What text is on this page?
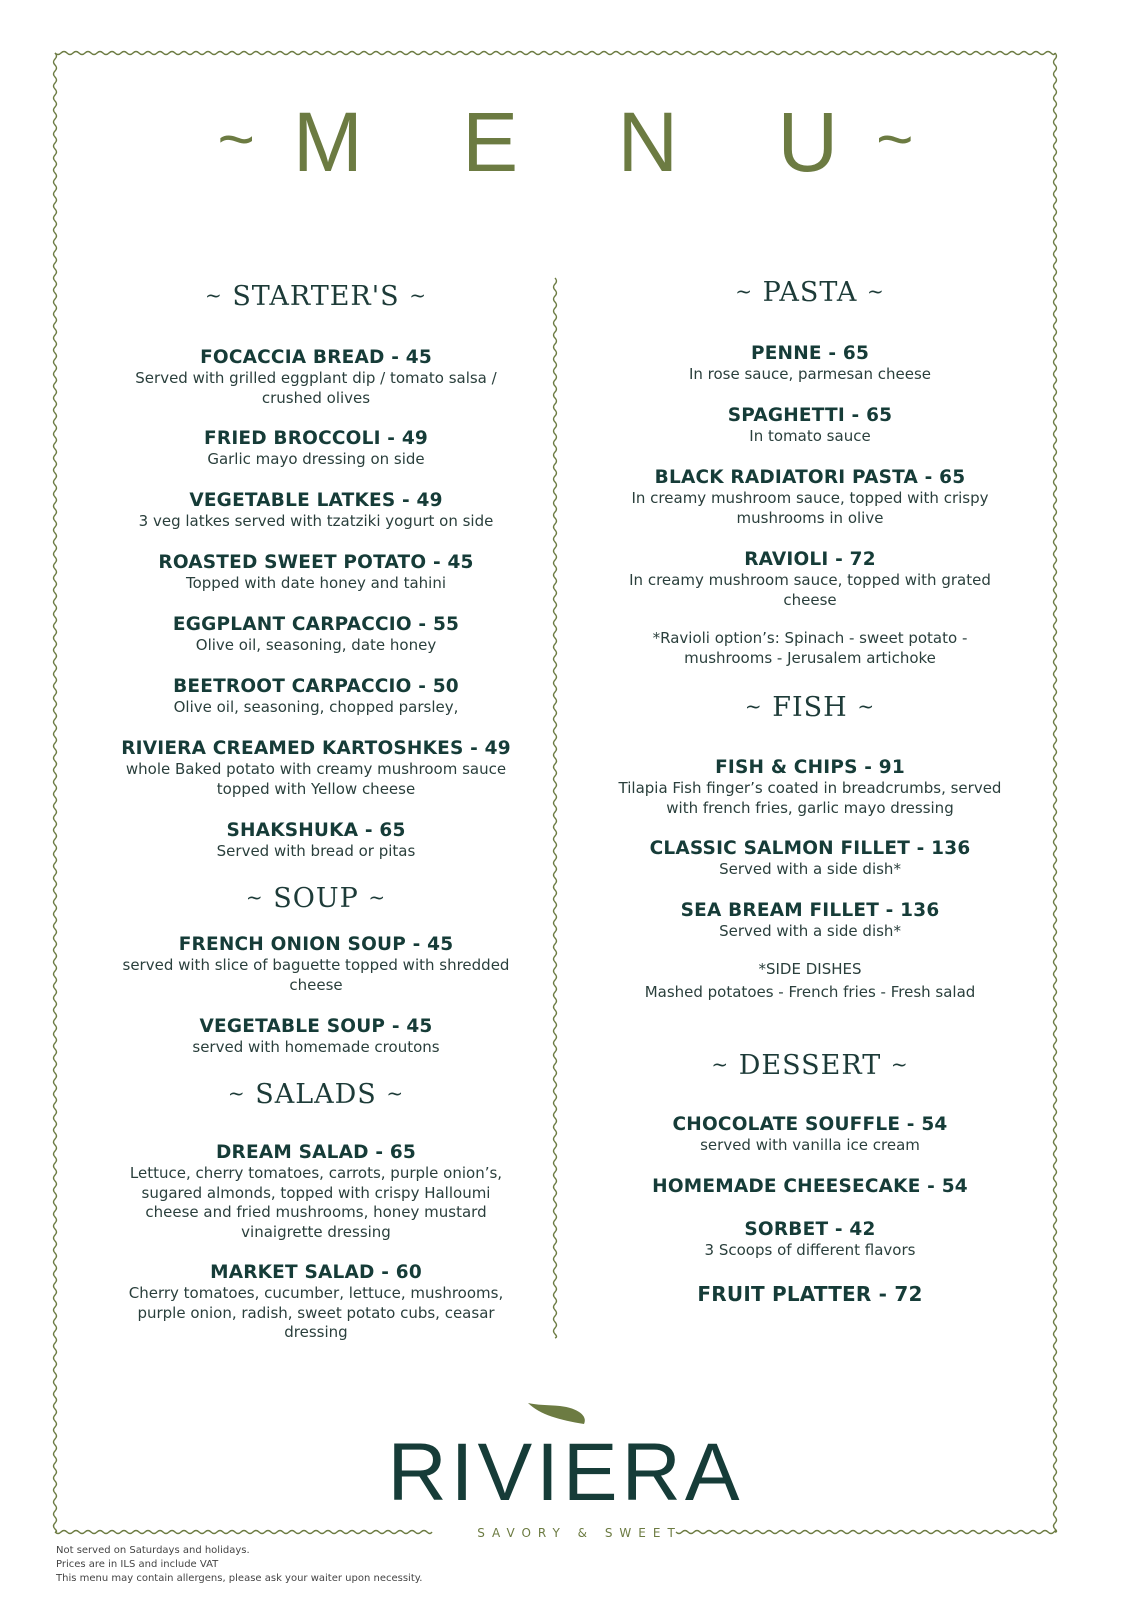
~ M E N U~
~ STARTER'S ~
FOCACCIA BREAD - 45
Served with grilled eggplant dip / tomato salsa /
crushed olives
FRIED BROCCOLI - 49
Garlic mayo dressing on side
VEGETABLE LATKES - 49
3 veg latkes served with tzatziki yogurt on side
ROASTED SWEET POTATO - 45
Topped with date honey and tahini
EGGPLANT CARPACCIO - 55
Olive oil, seasoning, date honey
BEETROOT CARPACCIO - 50
Olive oil, seasoning, chopped parsley,
RIVIERA CREAMED KARTOSHKES - 49
whole Baked potato with creamy mushroom sauce
topped with Yellow cheese
SHAKSHUKA - 65
Served with bread or pitas
~ SOUP ~
FRENCH ONION SOUP - 45
served with slice of baguette topped with shredded
cheese
VEGETABLE SOUP - 45
served with homemade croutons
~ SALADS ~
DREAM SALAD - 65
Lettuce, cherry tomatoes, carrots, purple onion’s,
sugared almonds, topped with crispy Halloumi
cheese and fried mushrooms, honey mustard
vinaigrette dressing
MARKET SALAD - 60
Cherry tomatoes, cucumber, lettuce, mushrooms,
purple onion, radish, sweet potato cubs, ceasar
dressing
~ PASTA ~
PENNE - 65
In rose sauce, parmesan cheese
SPAGHETTI - 65
In tomato sauce
BLACK RADIATORI PASTA - 65
In creamy mushroom sauce, topped with crispy
mushrooms in olive
RAVIOLI - 72
In creamy mushroom sauce, topped with grated
cheese
*Ravioli option’s: Spinach - sweet potato -
mushrooms - Jerusalem artichoke
~ FISH ~
FISH & CHIPS - 91
Tilapia Fish finger’s coated in breadcrumbs, served
with french fries, garlic mayo dressing
CLASSIC SALMON FILLET - 136
Served with a side dish*
SEA BREAM FILLET - 136
Served with a side dish*
*SIDE DISHES
Mashed potatoes - French fries - Fresh salad
~ DESSERT ~
CHOCOLATE SOUFFLE - 54
served with vanilla ice cream
HOMEMADE CHEESECAKE - 54
SORBET - 42
3 Scoops of different flavors
FRUIT PLATTER - 72
RIVIERA
SAVORY & SWEET
Not served on Saturdays and holidays.
Prices are in ILS and include VAT
This menu may contain allergens, please ask your waiter upon necessity.
